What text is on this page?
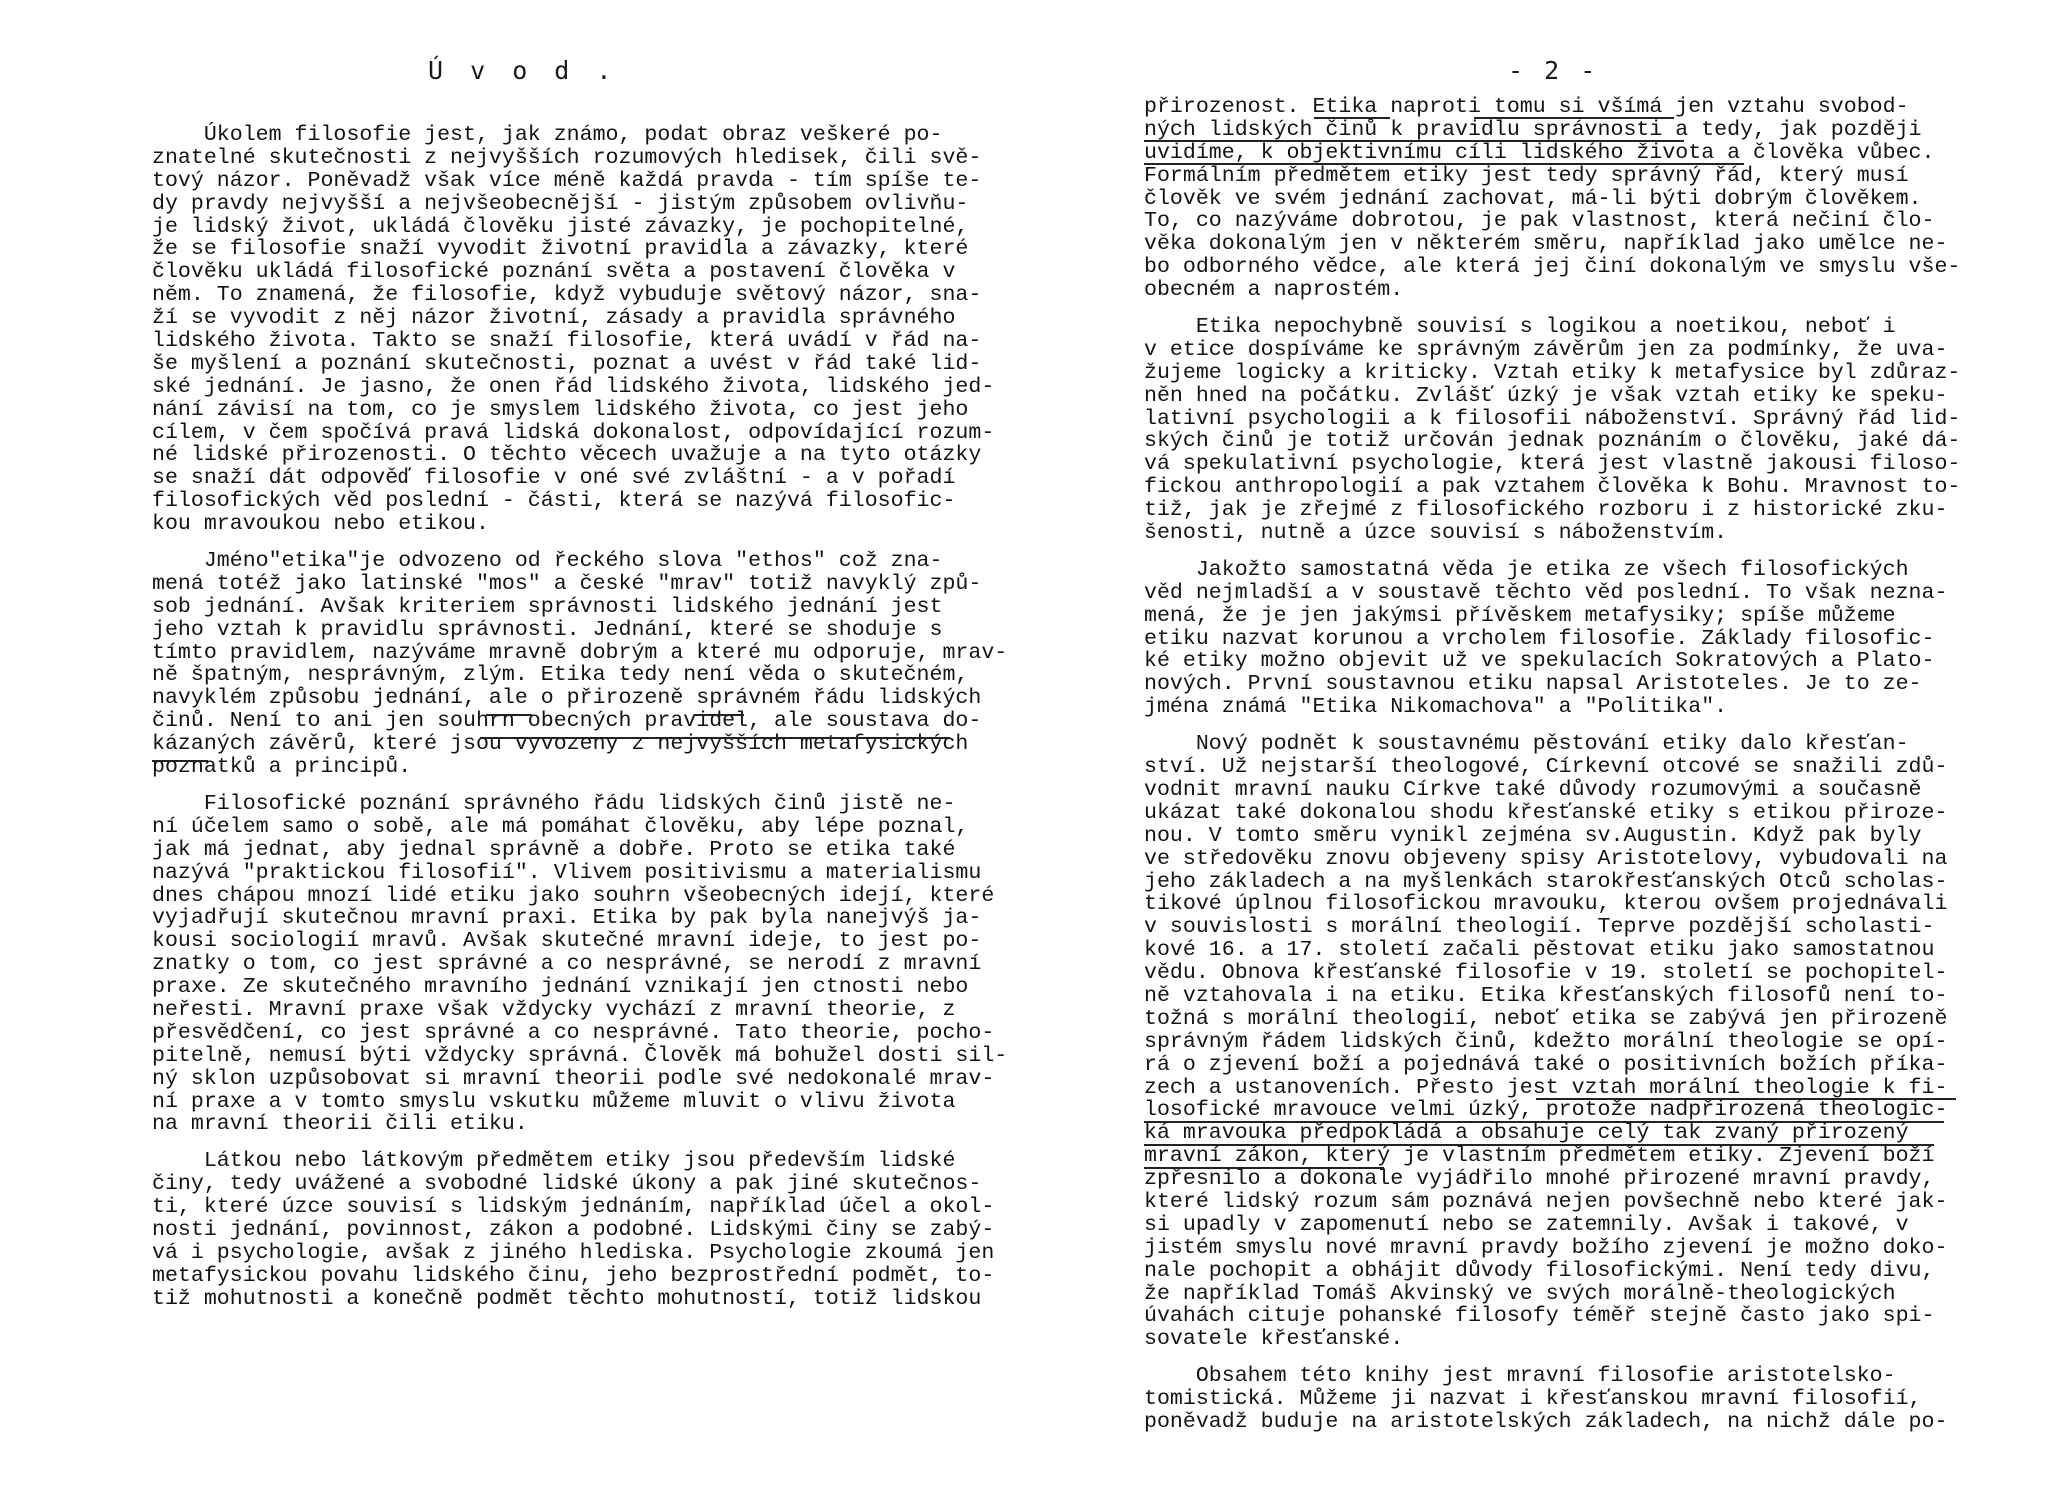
Ú v o d .
Úkolem filosofie jest, jak známo, podat obraz veškeré po-
znatelné skutečnosti z nejvyšších rozumových hledisek, čili svě-
tový názor. Poněvadž však více méně každá pravda - tím spíše te-
dy pravdy nejvyšší a nejvšeobecnější - jistým způsobem ovlivňu-
je lidský život, ukládá člověku jisté závazky, je pochopitelné,
že se filosofie snaží vyvodit životní pravidla a závazky, které
člověku ukládá filosofické poznání světa a postavení člověka v
něm. To znamená, že filosofie, když vybuduje světový názor, sna-
ží se vyvodit z něj názor životní, zásady a pravidla správného
lidského života. Takto se snaží filosofie, která uvádí v řád na-
še myšlení a poznání skutečnosti, poznat a uvést v řád také lid-
ské jednání. Je jasno, že onen řád lidského života, lidského jed-
nání závisí na tom, co je smyslem lidského života, co jest jeho
cílem, v čem spočívá pravá lidská dokonalost, odpovídající rozum-
né lidské přirozenosti. O těchto věcech uvažuje a na tyto otázky
se snaží dát odpověď filosofie v oné své zvláštní - a v pořadí
filosofických věd poslední - části, která se nazývá filosofic-
kou mravoukou nebo etikou.
Jméno"etika"je odvozeno od řeckého slova "ethos" což zna-
mená totéž jako latinské "mos" a české "mrav" totiž navyklý způ-
sob jednání. Avšak kriteriem správnosti lidského jednání jest
jeho vztah k pravidlu správnosti. Jednání, které se shoduje s
tímto pravidlem, nazýváme mravně dobrým a které mu odporuje, mrav-
ně špatným, nesprávným, zlým. Etika tedy není věda o skutečném,
navyklém způsobu jednání, ale o přirozeně správném řádu lidských
činů. Není to ani jen souhrn obecných pravidel, ale soustava do-
kázaných závěrů, které jsou vyvozeny z nejvyšších metafysických
poznatků a principů.
Filosofické poznání správného řádu lidských činů jistě ne-
ní účelem samo o sobě, ale má pomáhat člověku, aby lépe poznal,
jak má jednat, aby jednal správně a dobře. Proto se etika také
nazývá "praktickou filosofií". Vlivem positivismu a materialismu
dnes chápou mnozí lidé etiku jako souhrn všeobecných idejí, které
vyjadřují skutečnou mravní praxi. Etika by pak byla nanejvýš ja-
kousi sociologií mravů. Avšak skutečné mravní ideje, to jest po-
znatky o tom, co jest správné a co nesprávné, se nerodí z mravní
praxe. Ze skutečného mravního jednání vznikají jen ctnosti nebo
neřesti. Mravní praxe však vždycky vychází z mravní theorie, z
přesvědčení, co jest správné a co nesprávné. Tato theorie, pocho-
pitelně, nemusí býti vždycky správná. Člověk má bohužel dosti sil-
ný sklon uzpůsobovat si mravní theorii podle své nedokonalé mrav-
ní praxe a v tomto smyslu vskutku můžeme mluvit o vlivu života
na mravní theorii čili etiku.
Látkou nebo látkovým předmětem etiky jsou především lidské
činy, tedy uvážené a svobodné lidské úkony a pak jiné skutečnos-
ti, které úzce souvisí s lidským jednáním, například účel a okol-
nosti jednání, povinnost, zákon a podobné. Lidskými činy se zabý-
vá i psychologie, avšak z jiného hlediska. Psychologie zkoumá jen
metafysickou povahu lidského činu, jeho bezprostřední podmět, to-
tiž mohutnosti a konečně podmět těchto mohutností, totiž lidskou
- 2 -
přirozenost. Etika naproti tomu si všímá jen vztahu svobod-
ných lidských činů k pravidlu správnosti a tedy, jak později
uvidíme, k objektivnímu cíli lidského života a člověka vůbec.
Formálním předmětem etiky jest tedy správný řád, který musí
člověk ve svém jednání zachovat, má-li býti dobrým člověkem.
To, co nazýváme dobrotou, je pak vlastnost, která nečiní člo-
věka dokonalým jen v některém směru, například jako umělce ne-
bo odborného vědce, ale která jej činí dokonalým ve smyslu vše-
obecném a naprostém.
Etika nepochybně souvisí s logikou a noetikou, neboť i
v etice dospíváme ke správným závěrům jen za podmínky, že uva-
žujeme logicky a kriticky. Vztah etiky k metafysice byl zdůraz-
něn hned na počátku. Zvlášť úzký je však vztah etiky ke speku-
lativní psychologii a k filosofii náboženství. Správný řád lid-
ských činů je totiž určován jednak poznáním o člověku, jaké dá-
vá spekulativní psychologie, která jest vlastně jakousi filoso-
fickou anthropologií a pak vztahem člověka k Bohu. Mravnost to-
tiž, jak je zřejmé z filosofického rozboru i z historické zku-
šenosti, nutně a úzce souvisí s náboženstvím.
Jakožto samostatná věda je etika ze všech filosofických
věd nejmladší a v soustavě těchto věd poslední. To však nezna-
mená, že je jen jakýmsi přívěskem metafysiky; spíše můžeme
etiku nazvat korunou a vrcholem filosofie. Základy filosofic-
ké etiky možno objevit už ve spekulacích Sokratových a Plato-
nových. První soustavnou etiku napsal Aristoteles. Je to ze-
jména známá "Etika Nikomachova" a "Politika".
Nový podnět k soustavnému pěstování etiky dalo křesťan-
ství. Už nejstarší theologové, Církevní otcové se snažili zdů-
vodnit mravní nauku Církve také důvody rozumovými a současně
ukázat také dokonalou shodu křesťanské etiky s etikou přiroze-
nou. V tomto směru vynikl zejména sv.Augustin. Když pak byly
ve středověku znovu objeveny spisy Aristotelovy, vybudovali na
jeho základech a na myšlenkách starokřesťanských Otců scholas-
tikové úplnou filosofickou mravouku, kterou ovšem projednávali
v souvislosti s morální theologií. Teprve pozdější scholasti-
kové 16. a 17. století začali pěstovat etiku jako samostatnou
vědu. Obnova křesťanské filosofie v 19. století se pochopitel-
ně vztahovala i na etiku. Etika křesťanských filosofů není to-
tožná s morální theologií, neboť etika se zabývá jen přirozeně
správným řádem lidských činů, kdežto morální theologie se opí-
rá o zjevení boží a pojednává také o positivních božích příka-
zech a ustanoveních. Přesto jest vztah morální theologie k fi-
losofické mravouce velmi úzký, protože nadpřirozená theologic-
ká mravouka předpokládá a obsahuje celý tak zvaný přirozený
mravní zákon, který je vlastním předmětem etiky. Zjevení boží
zpřesnilo a dokonale vyjádřilo mnohé přirozené mravní pravdy,
které lidský rozum sám poznává nejen povšechně nebo které jak-
si upadly v zapomenutí nebo se zatemnily. Avšak i takové, v
jistém smyslu nové mravní pravdy božího zjevení je možno doko-
nale pochopit a obhájit důvody filosofickými. Není tedy divu,
že například Tomáš Akvinský ve svých morálně-theologických
úvahách cituje pohanské filosofy téměř stejně často jako spi-
sovatele křesťanské.
Obsahem této knihy jest mravní filosofie aristotelsko-
tomistická. Můžeme ji nazvat i křesťanskou mravní filosofií,
poněvadž buduje na aristotelských základech, na nichž dále po-
